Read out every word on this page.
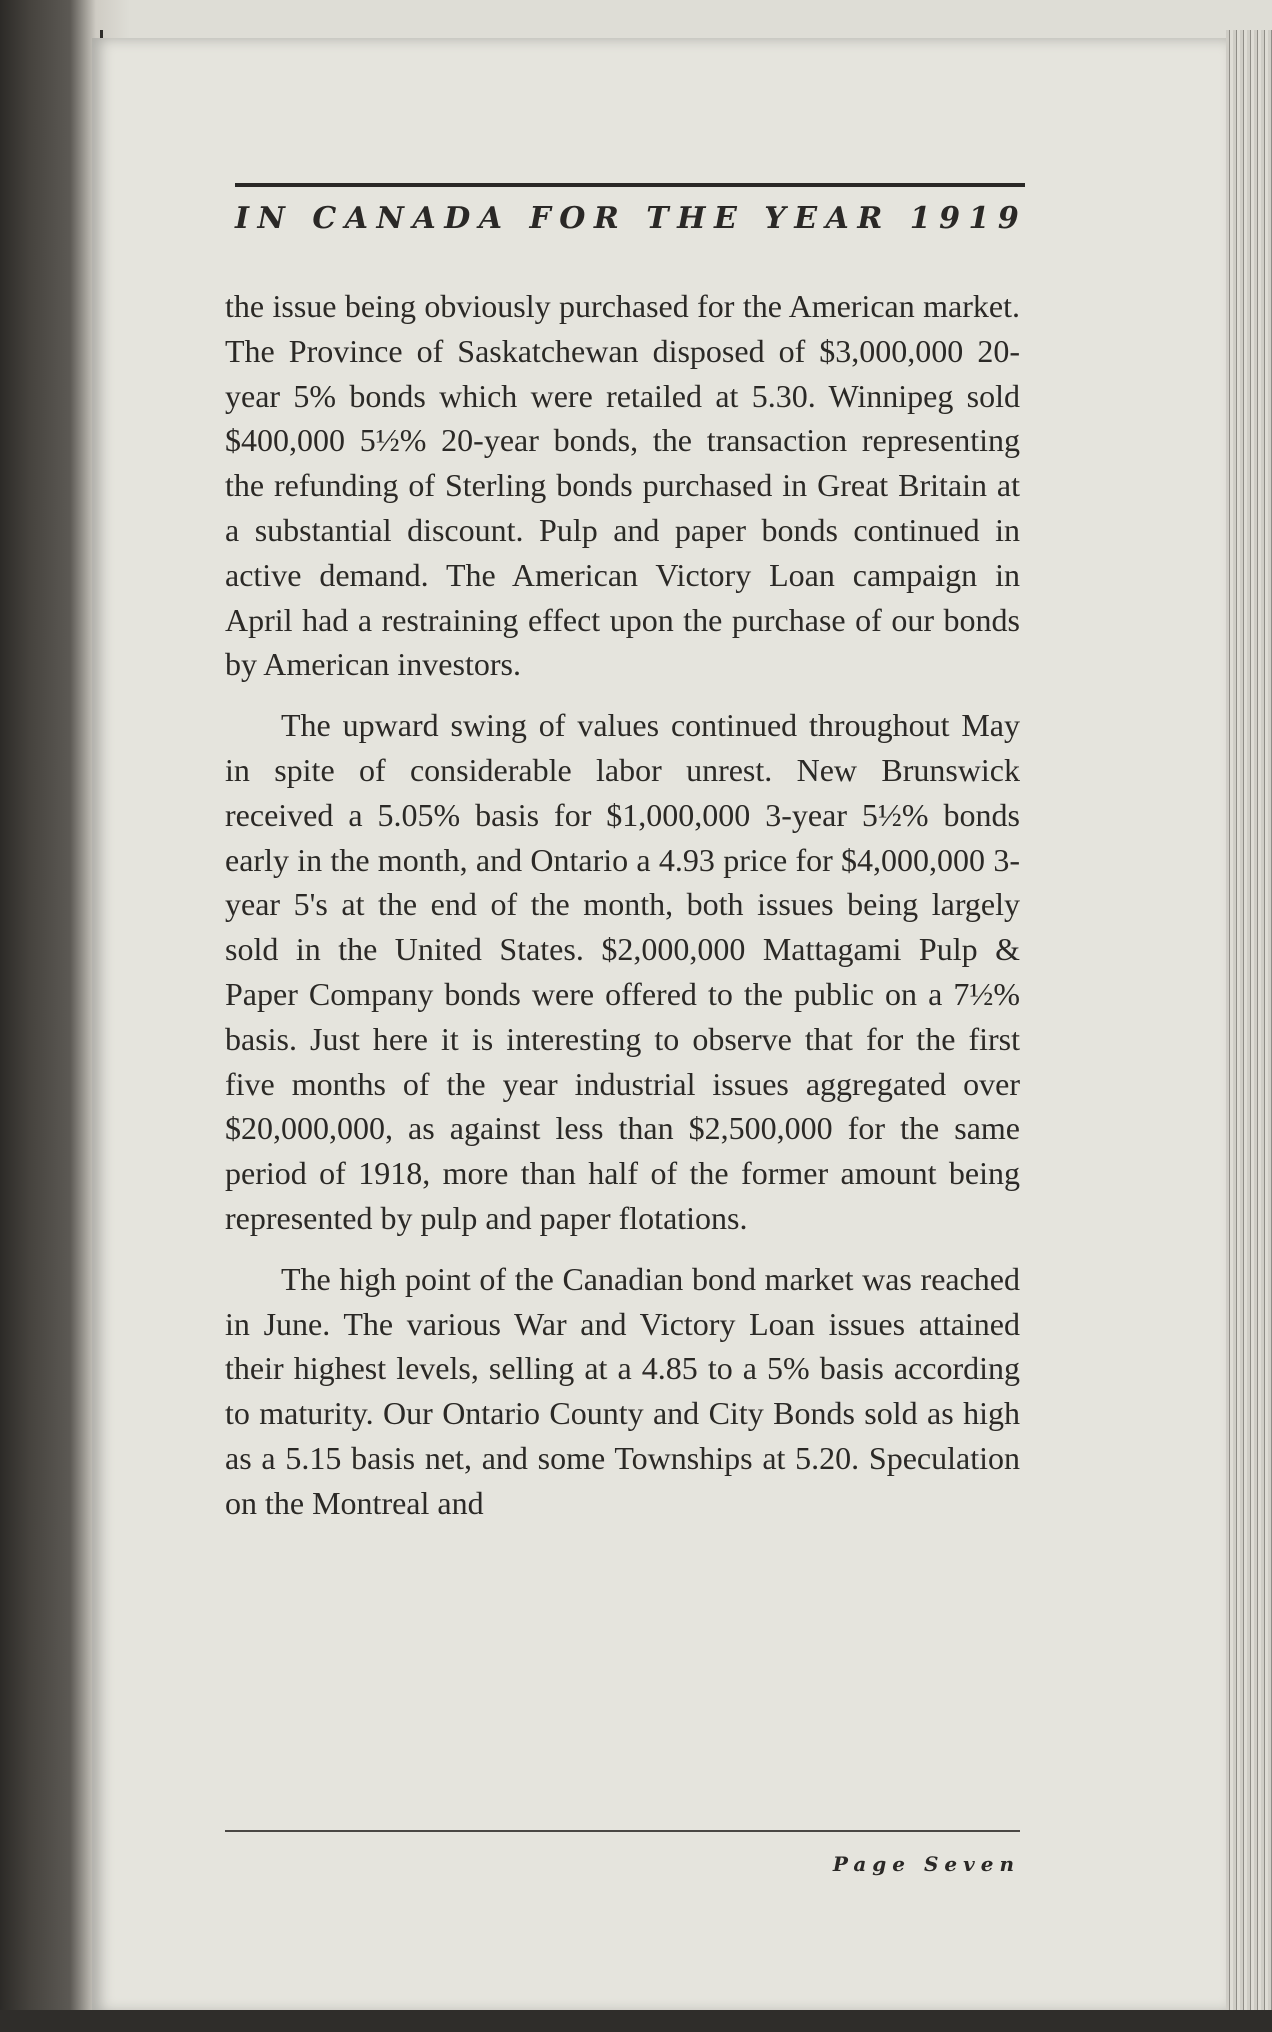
IN CANADA FOR THE YEAR 1919

the issue being obviously purchased for the American market. The Province of Saskatchewan disposed of $3,000,000 20-year 5% bonds which were retailed at 5.30. Winnipeg sold $400,000 5½% 20-year bonds, the transaction representing the refunding of Sterling bonds purchased in Great Britain at a substantial discount. Pulp and paper bonds continued in active demand. The American Victory Loan campaign in April had a restraining effect upon the purchase of our bonds by American investors.

The upward swing of values continued throughout May in spite of considerable labor unrest. New Brunswick received a 5.05% basis for $1,000,000 3-year 5½% bonds early in the month, and Ontario a 4.93 price for $4,000,000 3-year 5's at the end of the month, both issues being largely sold in the United States. $2,000,000 Mattagami Pulp & Paper Company bonds were offered to the public on a 7½% basis. Just here it is interesting to observe that for the first five months of the year industrial issues aggregated over $20,000,000, as against less than $2,500,000 for the same period of 1918, more than half of the former amount being represented by pulp and paper flotations.

The high point of the Canadian bond market was reached in June. The various War and Victory Loan issues attained their highest levels, selling at a 4.85 to a 5% basis according to maturity. Our Ontario County and City Bonds sold as high as a 5.15 basis net, and some Townships at 5.20. Speculation on the Montreal and

Page Seven
